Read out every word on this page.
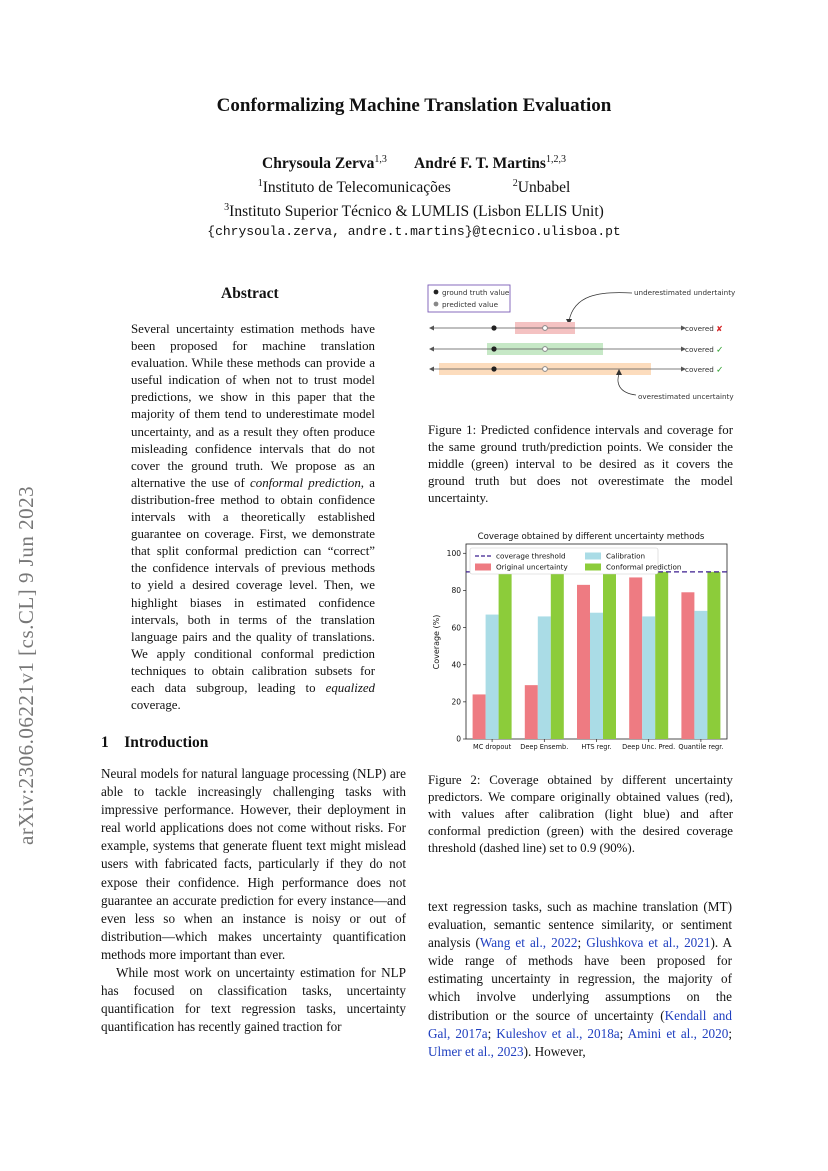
arXiv:2306.06221v1 [cs.CL] 9 Jun 2023
Conformalizing Machine Translation Evaluation
Chrysoula Zerva$^{1,3}$ André F. T. Martins$^{1,2,3}$
$^1$Instituto de Telecomunicações	$^2$Unbabel
$^3$Instituto Superior Técnico & LUMLIS (Lisbon ELLIS Unit)
{chrysoula.zerva, andre.t.martins}@tecnico.ulisboa.pt
Abstract
Several uncertainty estimation methods have been proposed for machine translation evaluation. While these methods can provide a useful indication of when not to trust model predictions, we show in this paper that the majority of them tend to underestimate model uncertainty, and as a result they often produce misleading confidence intervals that do not cover the ground truth. We propose as an alternative the use of conformal prediction, a distribution-free method to obtain confidence intervals with a theoretically established guarantee on coverage. First, we demonstrate that split conformal prediction can “correct” the confidence intervals of previous methods to yield a desired coverage level. Then, we highlight biases in estimated confidence intervals, both in terms of the translation language pairs and the quality of translations. We apply conditional conformal prediction techniques to obtain calibration subsets for each data subgroup, leading to equalized coverage.
1    Introduction

Neural models for natural language processing (NLP) are able to tackle increasingly challenging tasks with impressive performance. However, their deployment in real world applications does not come without risks. For example, systems that generate fluent text might mislead users with fabricated facts, particularly if they do not expose their confidence. High performance does not guarantee an accurate prediction for every instance—and even less so when an instance is noisy or out of distribution—which makes uncertainty quantification methods more important than ever.

While most work on uncertainty estimation for NLP has focused on classification tasks, uncertainty quantification for text regression tasks, uncertainty quantification has recently gained traction for

text regression tasks, such as machine translation (MT) evaluation, semantic sentence similarity, or sentiment analysis (Wang et al., 2022; Glushkova et al., 2021). A wide range of methods have been proposed for estimating uncertainty in regression, the majority of which involve underlying assumptions on the distribution or the source of uncertainty (Kendall and Gal, 2017a; Kuleshov et al., 2018a; Amini et al., 2020; Ulmer et al., 2023). However,
ground truth value
predicted value
underestimated undertainty
covered ✘
covered ✓
covered ✓
overestimated uncertainty
Figure 1: Predicted confidence intervals and coverage for the same ground truth/prediction points. We consider the middle (green) interval to be desired as it covers the ground truth but does not overestimate the model uncertainty.
Coverage obtained by different uncertainty methods
Coverage (%)
0
20
40
60
80
100
MC dropout Deep Ensemb. HTS regr. Deep Unc. Pred. Quantile regr.
coverage threshold	Calibration
Original uncertainty	Conformal prediction
Figure 2: Coverage obtained by different uncertainty predictors. We compare originally obtained values (red), with values after calibration (light blue) and after conformal prediction (green) with the desired coverage threshold (dashed line) set to 0.9 (90%).
